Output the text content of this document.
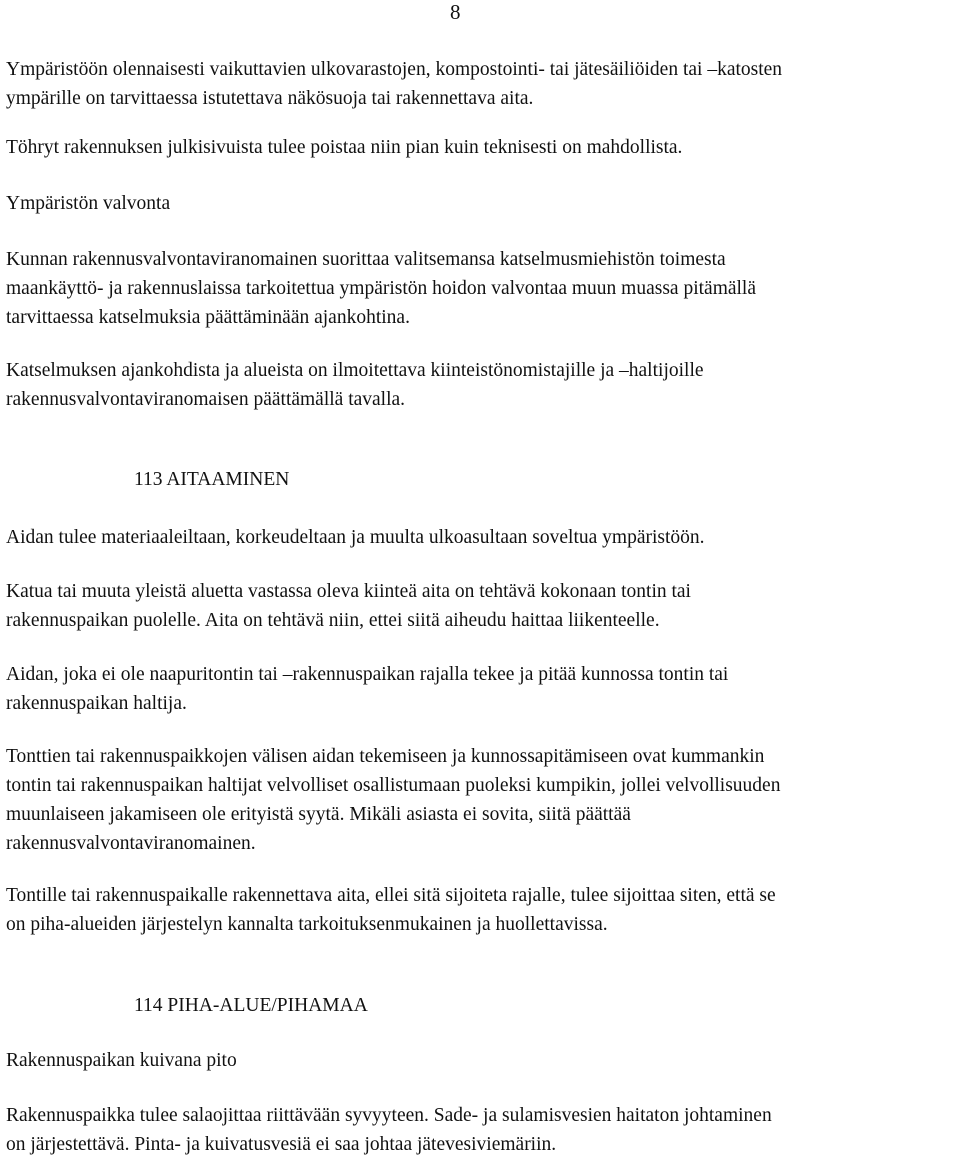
8

Ympäristöön olennaisesti vaikuttavien ulkovarastojen, kompostointi- tai jätesäiliöiden tai –katosten
ympärille on tarvittaessa istutettava näkösuoja tai rakennettava aita.

Töhryt rakennuksen julkisivuista tulee poistaa niin pian kuin teknisesti on mahdollista.

Ympäristön valvonta

Kunnan rakennusvalvontaviranomainen suorittaa valitsemansa katselmusmiehistön toimesta
maankäyttö- ja rakennuslaissa tarkoitettua ympäristön hoidon valvontaa muun muassa pitämällä
tarvittaessa katselmuksia päättäminään ajankohtina.

Katselmuksen ajankohdista ja alueista on ilmoitettava kiinteistönomistajille ja –haltijoille
rakennusvalvontaviranomaisen päättämällä tavalla.

113 AITAAMINEN

Aidan tulee materiaaleiltaan, korkeudeltaan ja muulta ulkoasultaan soveltua ympäristöön.

Katua tai muuta yleistä aluetta vastassa oleva kiinteä aita on tehtävä kokonaan tontin tai
rakennuspaikan puolelle. Aita on tehtävä niin, ettei siitä aiheudu haittaa liikenteelle.

Aidan, joka ei ole naapuritontin tai –rakennuspaikan rajalla tekee ja pitää kunnossa tontin tai
rakennuspaikan haltija.

Tonttien tai rakennuspaikkojen välisen aidan tekemiseen ja kunnossapitämiseen ovat kummankin
tontin tai rakennuspaikan haltijat velvolliset osallistumaan puoleksi kumpikin, jollei velvollisuuden
muunlaiseen jakamiseen ole erityistä syytä. Mikäli asiasta ei sovita, siitä päättää
rakennusvalvontaviranomainen.

Tontille tai rakennuspaikalle rakennettava aita, ellei sitä sijoiteta rajalle, tulee sijoittaa siten, että se
on piha-alueiden järjestelyn kannalta tarkoituksenmukainen ja huollettavissa.

114 PIHA-ALUE/PIHAMAA

Rakennuspaikan kuivana pito

Rakennuspaikka tulee salaojittaa riittävään syvyyteen. Sade- ja sulamisvesien haitaton johtaminen
on järjestettävä. Pinta- ja kuivatusvesiä ei saa johtaa jätevesiviemäriin.
